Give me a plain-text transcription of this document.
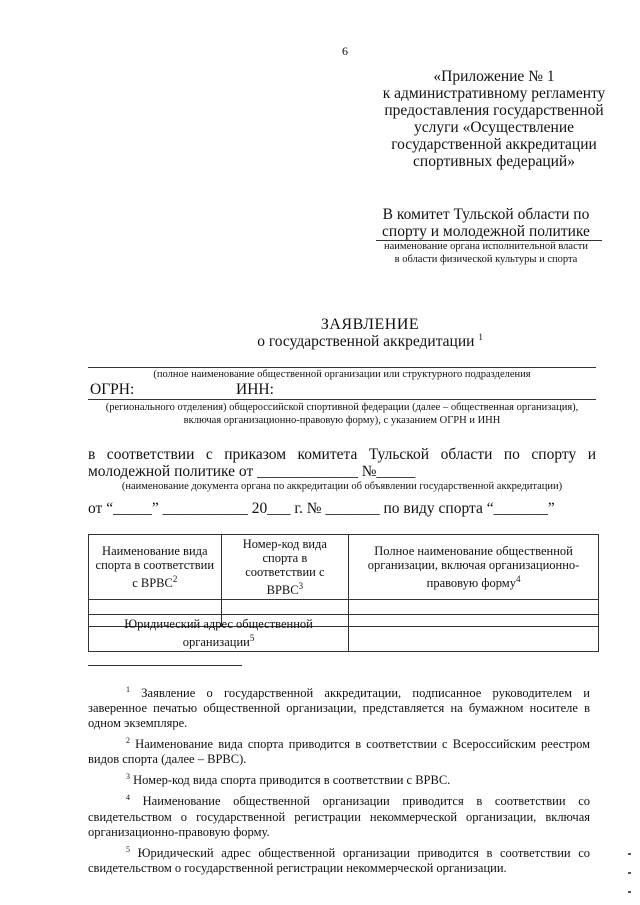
6
«Приложение № 1
к административному регламенту
предоставления государственной
услуги «Осуществление
государственной аккредитации
спортивных федераций»
В комитет Тульской области по
спорту и молодежной политике
наименование органа исполнительной власти
в области физической культуры и спорта
ЗАЯВЛЕНИЕ
о государственной аккредитации $^1$
(полное наименование общественной организации или структурного подразделения
ОГРН:	ИНН:
(регионального отделения) общероссийской спортивной федерации (далее – общественная организация),
включая организационно-правовую форму), с указанием ОГРН и ИНН
в соответствии с приказом комитета Тульской области по спорту и молодежной политике от _____________ №_____
(наименование документа органа по аккредитации об объявлении государственной аккредитации)
от “_____” ___________ 20___ г. № _______ по виду спорта “_______”
Наименование вида спорта в соответствии с ВРВС$^2$	Номер-код вида спорта в соответствии с ВРВС$^3$	Полное наименование общественной организации, включая организационно-правовую форму$^4$

Юридический адрес общественной организации$^5$	

$^1$ Заявление о государственной аккредитации, подписанное руководителем и заверенное печатью общественной организации, представляется на бумажном носителе в одном экземпляре.

$^2$ Наименование вида спорта приводится в соответствии с Всероссийским реестром видов спорта (далее – ВРВС).

$^3$ Номер-код вида спорта приводится в соответствии с ВРВС.

$^4$ Наименование общественной организации приводится в соответствии со свидетельством о государственной регистрации некоммерческой организации, включая организационно-правовую форму.

$^5$ Юридический адрес общественной организации приводится в соответствии со свидетельством о государственной регистрации некоммерческой организации.
